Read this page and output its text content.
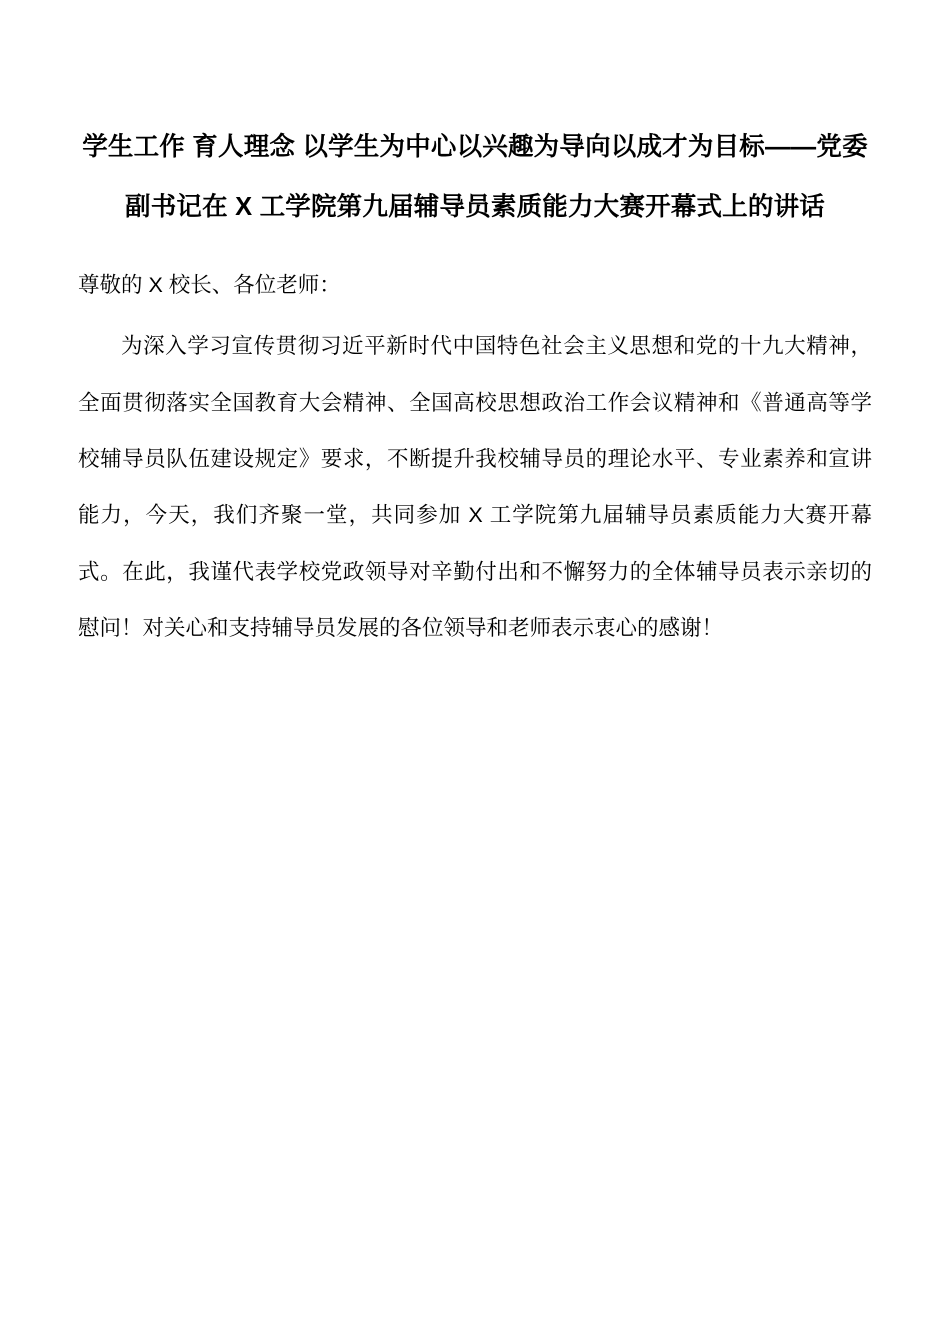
学生工作 育人理念 以学生为中心以兴趣为导向以成才为目标——党委副书记在 X 工学院第九届辅导员素质能力大赛开幕式上的讲话

尊敬的 X 校长、各位老师：

为深入学习宣传贯彻习近平新时代中国特色社会主义思想和党的十九大精神，全面贯彻落实全国教育大会精神、全国高校思想政治工作会议精神和《普通高等学校辅导员队伍建设规定》要求，不断提升我校辅导员的理论水平、专业素养和宣讲能力，今天，我们齐聚一堂，共同参加 X 工学院第九届辅导员素质能力大赛开幕式。在此，我谨代表学校党政领导对辛勤付出和不懈努力的全体辅导员表示亲切的慰问！对关心和支持辅导员发展的各位领导和老师表示衷心的感谢！
